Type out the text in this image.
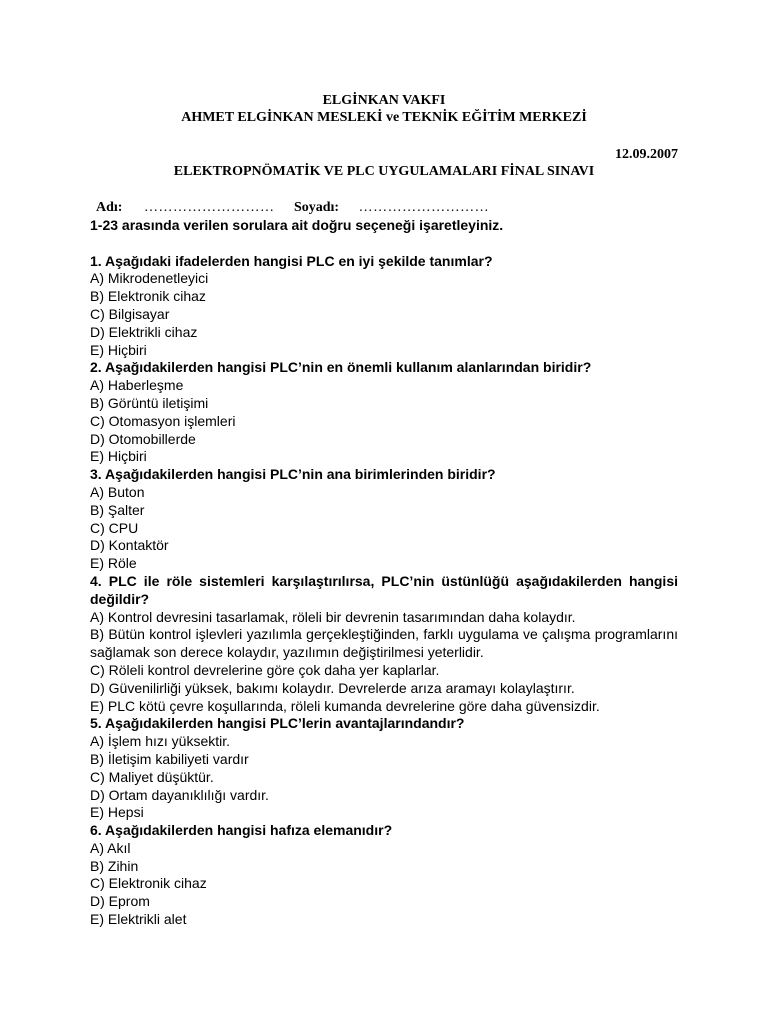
ELGİNKAN VAKFI
AHMET ELGİNKAN MESLEKİ ve TEKNİK EĞİTİM MERKEZİ
12.09.2007
ELEKTROPNÖMATİK VE PLC UYGULAMALARI FİNAL SINAVI
Adı: ……………………… Soyadı: ………………………
1-23 arasında verilen sorulara ait doğru seçeneği işaretleyiniz.
1. Aşağıdaki ifadelerden hangisi PLC en iyi şekilde tanımlar?
A) Mikrodenetleyici
B) Elektronik cihaz
C) Bilgisayar
D) Elektrikli cihaz
E) Hiçbiri
2. Aşağıdakilerden hangisi PLC’nin en önemli kullanım alanlarından biridir?
A) Haberleşme
B) Görüntü iletişimi
C) Otomasyon işlemleri
D) Otomobillerde
E) Hiçbiri
3. Aşağıdakilerden hangisi PLC’nin ana birimlerinden biridir?
A) Buton
B) Şalter
C) CPU
D) Kontaktör
E) Röle
4. PLC ile röle sistemleri karşılaştırılırsa, PLC’nin üstünlüğü aşağıdakilerden hangisi değildir?
A) Kontrol devresini tasarlamak, röleli bir devrenin tasarımından daha kolaydır.
B) Bütün kontrol işlevleri yazılımla gerçekleştiğinden, farklı uygulama ve çalışma programlarını sağlamak son derece kolaydır, yazılımın değiştirilmesi yeterlidir.
C) Röleli kontrol devrelerine göre çok daha yer kaplarlar.
D) Güvenilirliği yüksek, bakımı kolaydır. Devrelerde arıza aramayı kolaylaştırır.
E) PLC kötü çevre koşullarında, röleli kumanda devrelerine göre daha güvensizdir.
5. Aşağıdakilerden hangisi PLC’lerin avantajlarındandır?
A) İşlem hızı yüksektir.
B) İletişim kabiliyeti vardır
C) Maliyet düşüktür.
D) Ortam dayanıklılığı vardır.
E) Hepsi
6. Aşağıdakilerden hangisi hafıza elemanıdır?
A) Akıl
B) Zihin
C) Elektronik cihaz
D) Eprom
E) Elektrikli alet
